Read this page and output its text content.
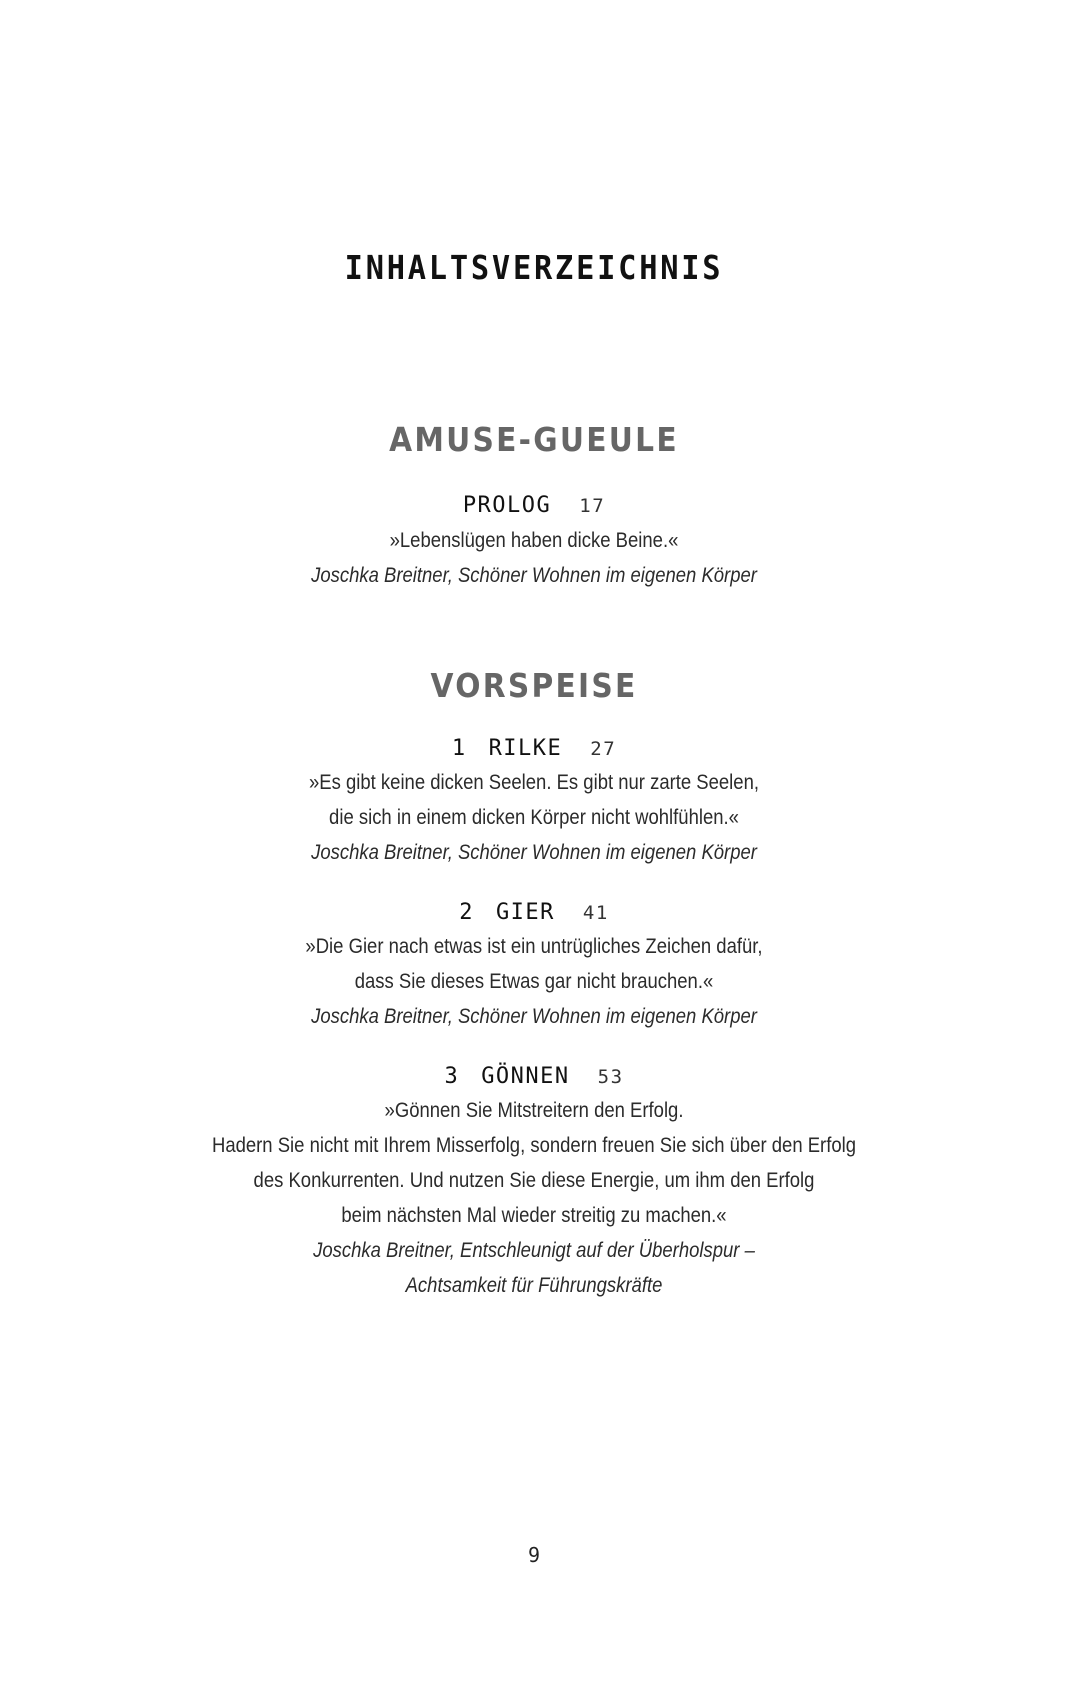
INHALTSVERZEICHNIS
AMUSE-GUEULE
PROLOG 17
»Lebenslügen haben dicke Beine.«
Joschka Breitner, Schöner Wohnen im eigenen Körper
VORSPEISE
1 RILKE 27
»Es gibt keine dicken Seelen. Es gibt nur zarte Seelen,
die sich in einem dicken Körper nicht wohlfühlen.«
Joschka Breitner, Schöner Wohnen im eigenen Körper
2 GIER 41
»Die Gier nach etwas ist ein untrügliches Zeichen dafür,
dass Sie dieses Etwas gar nicht brauchen.«
Joschka Breitner, Schöner Wohnen im eigenen Körper
3 GÖNNEN 53
»Gönnen Sie Mitstreitern den Erfolg.
Hadern Sie nicht mit Ihrem Misserfolg, sondern freuen Sie sich über den Erfolg
des Konkurrenten. Und nutzen Sie diese Energie, um ihm den Erfolg
beim nächsten Mal wieder streitig zu machen.«
Joschka Breitner, Entschleunigt auf der Überholspur –
Achtsamkeit für Führungskräfte
9
